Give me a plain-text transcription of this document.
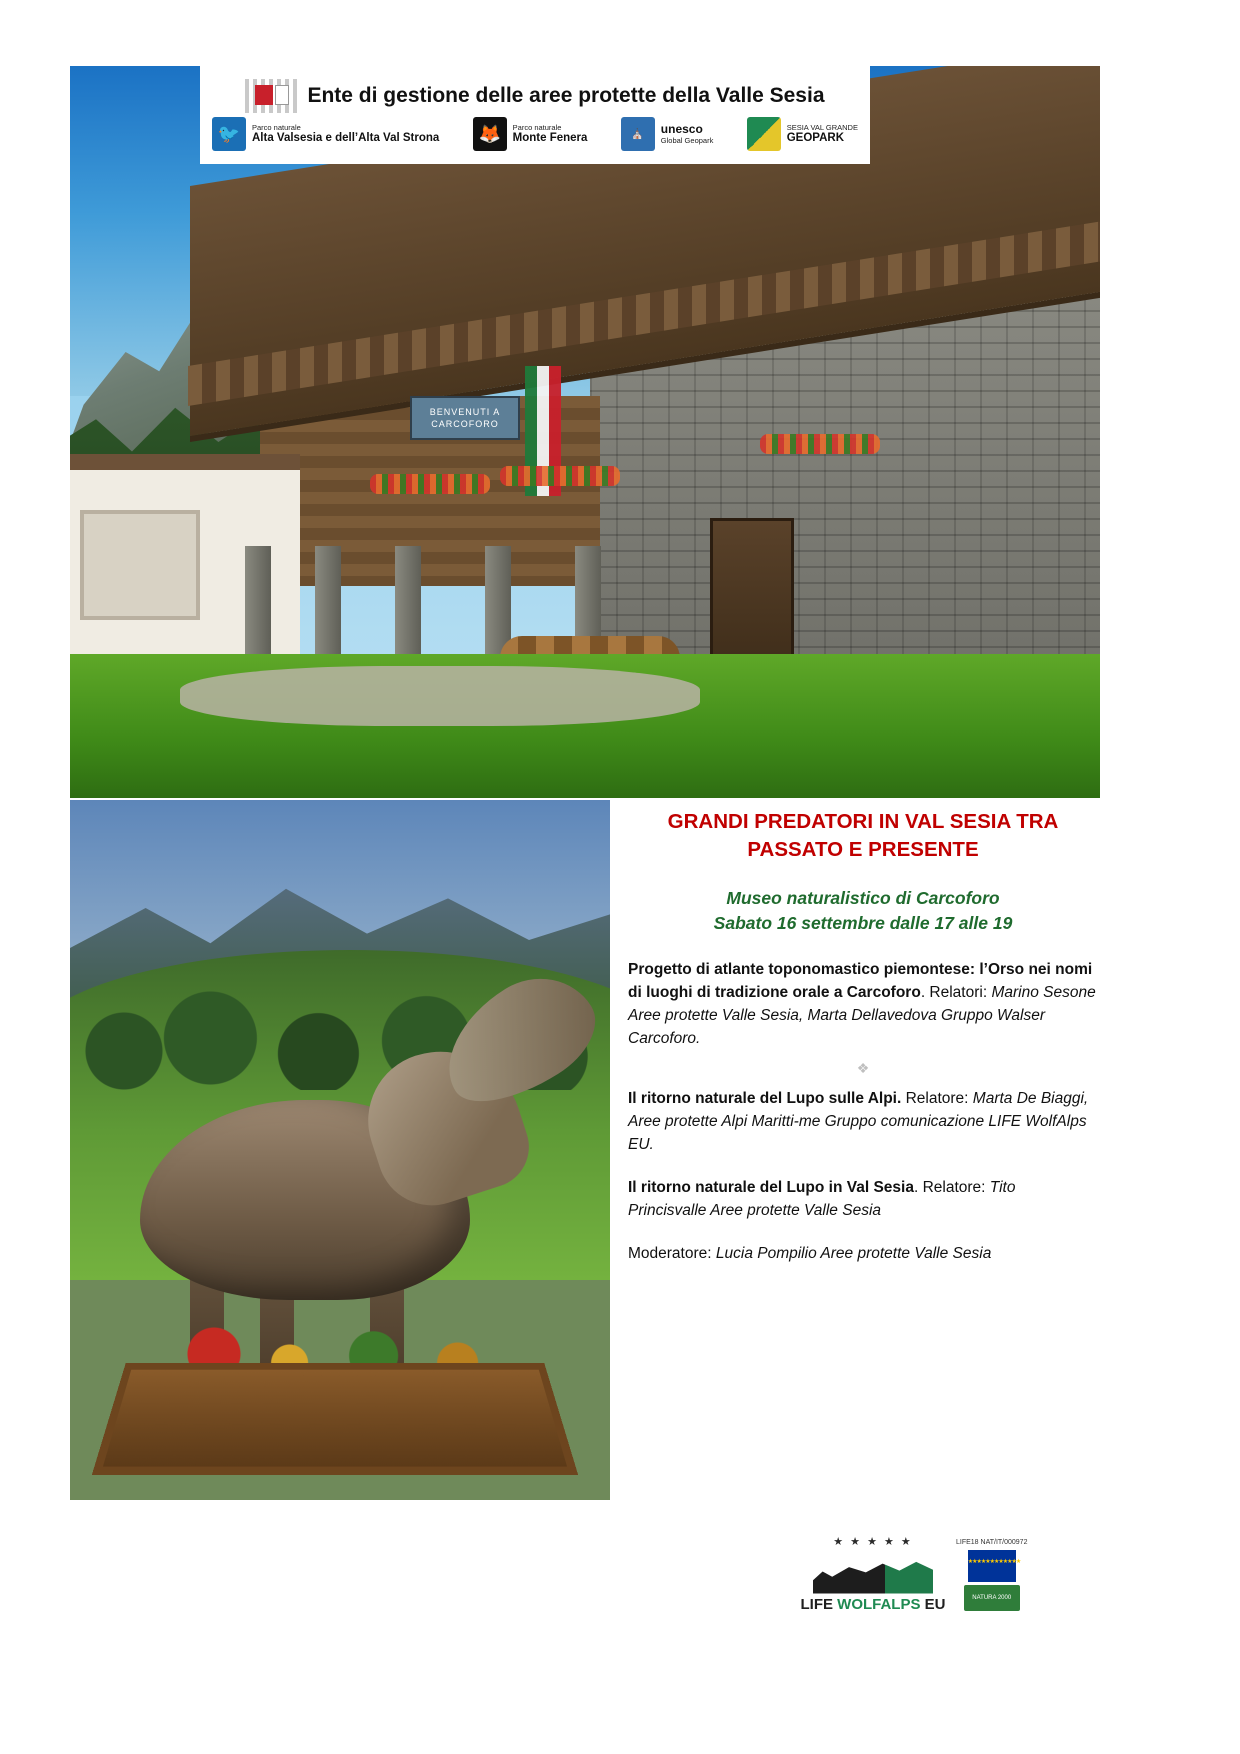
BENVENUTI A CARCOFORO
Ente di gestione delle aree protette della Valle Sesia
🐦	Parco naturale
Alta Valsesia e dell’Alta Val Strona	🦊	Parco naturale
Monte Fenera	⛪	unesco
Global Geopark
SESIA VAL GRANDE
GEOPARK
GRANDI PREDATORI IN VAL SESIA TRA PASSATO E PRESENTE
Museo naturalistico di Carcoforo
Sabato 16 settembre dalle 17 alle 19

Progetto di atlante toponomastico piemontese: l’Orso nei nomi di luoghi di tradizione orale a Carcoforo. Relatori: Marino Sesone Aree protette Valle Sesia, Marta Dellavedova Gruppo Walser Carcoforo.

❖

Il ritorno naturale del Lupo sulle Alpi. Relatore: Marta De Biaggi, Aree protette Alpi Maritti-me Gruppo comunicazione LIFE WolfAlps EU.

Il ritorno naturale del Lupo in Val Sesia. Relatore: Tito Princisvalle Aree protette Valle Sesia

Moderatore: Lucia Pompilio Aree protette Valle Sesia

★ ★ ★ ★ ★
LIFE WOLFALPS EU
LIFE18 NAT/IT/000972
★★★★★★★★★★★★
NATURA 2000
